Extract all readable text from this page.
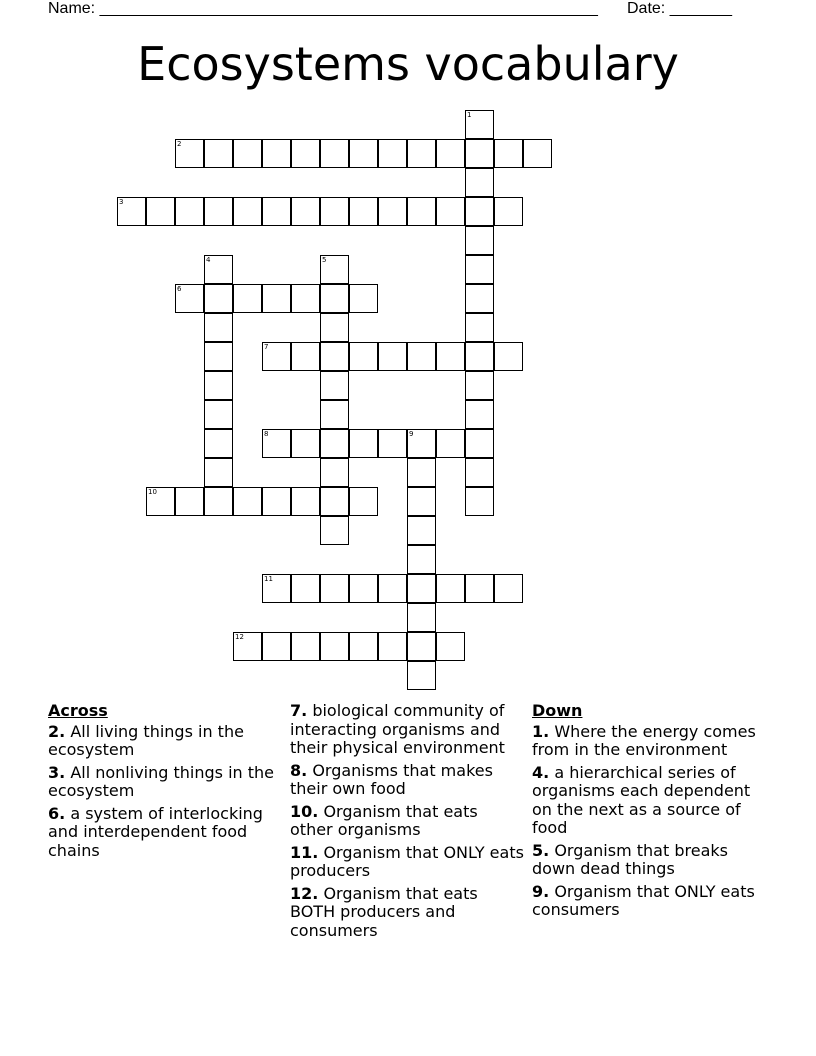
Name: ________________________________________________________ Date: _______
Ecosystems vocabulary
1
2
3
4	5
6
7
8	9
10
11
12
Across
2. All living things in the ecosystem
3. All nonliving things in the ecosystem
6. a system of interlocking and interdependent food chains
7. biological community of interacting organisms and their physical environment
8. Organisms that makes their own food
10. Organism that eats other organisms
11. Organism that ONLY eats producers
12. Organism that eats BOTH producers and consumers
Down
1. Where the energy comes from in the environment
4. a hierarchical series of organisms each dependent on the next as a source of food
5. Organism that breaks down dead things
9. Organism that ONLY eats consumers
